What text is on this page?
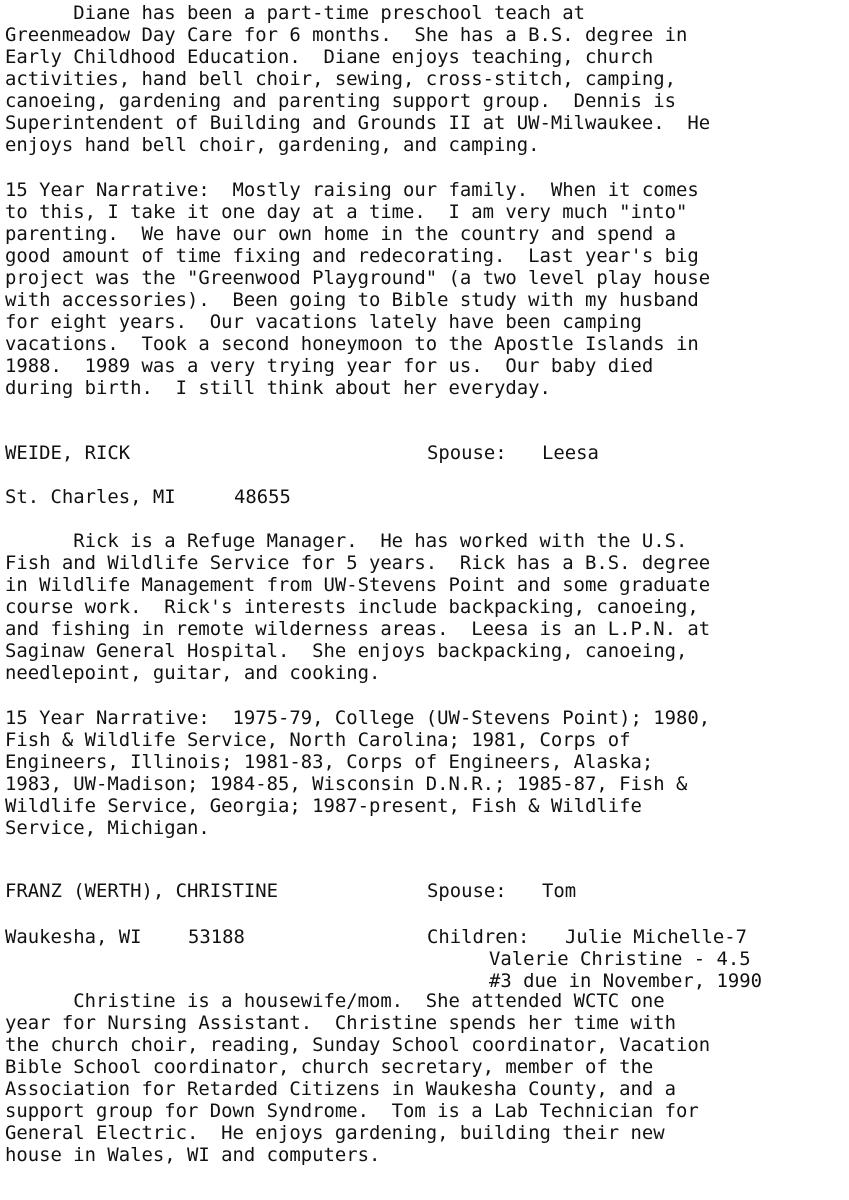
Diane has been a part-time preschool teach at

Greenmeadow Day Care for 6 months.  She has a B.S. degree in

Early Childhood Education.  Diane enjoys teaching, church

activities, hand bell choir, sewing, cross-stitch, camping,

canoeing, gardening and parenting support group.  Dennis is

Superintendent of Building and Grounds II at UW-Milwaukee.  He

enjoys hand bell choir, gardening, and camping.

15 Year Narrative:  Mostly raising our family.  When it comes

to this, I take it one day at a time.  I am very much "into"

parenting.  We have our own home in the country and spend a

good amount of time fixing and redecorating.  Last year's big

project was the "Greenwood Playground" (a two level play house

with accessories).  Been going to Bible study with my husband

for eight years.  Our vacations lately have been camping

vacations.  Took a second honeymoon to the Apostle Islands in

1988.  1989 was a very trying year for us.  Our baby died

during birth.  I still think about her everyday.

WEIDE, RICK	Spouse: Leesa

St. Charles, MI	48655

Rick is a Refuge Manager.  He has worked with the U.S.

Fish and Wildlife Service for 5 years.  Rick has a B.S. degree

in Wildlife Management from UW-Stevens Point and some graduate

course work.  Rick's interests include backpacking, canoeing,

and fishing in remote wilderness areas.  Leesa is an L.P.N. at

Saginaw General Hospital.  She enjoys backpacking, canoeing,

needlepoint, guitar, and cooking.

15 Year Narrative:  1975-79, College (UW-Stevens Point); 1980,

Fish & Wildlife Service, North Carolina; 1981, Corps of

Engineers, Illinois; 1981-83, Corps of Engineers, Alaska;

1983, UW-Madison; 1984-85, Wisconsin D.N.R.; 1985-87, Fish &

Wildlife Service, Georgia; 1987-present, Fish & Wildlife

Service, Michigan.

FRANZ (WERTH), CHRISTINE	Spouse: Tom

Waukesha, WI 53188	Children: Julie Michelle-7

Valerie Christine - 4.5

#3 due in November, 1990

Christine is a housewife/mom.  She attended WCTC one

year for Nursing Assistant.  Christine spends her time with

the church choir, reading, Sunday School coordinator, Vacation

Bible School coordinator, church secretary, member of the

Association for Retarded Citizens in Waukesha County, and a

support group for Down Syndrome.  Tom is a Lab Technician for

General Electric.  He enjoys gardening, building their new

house in Wales, WI and computers.
